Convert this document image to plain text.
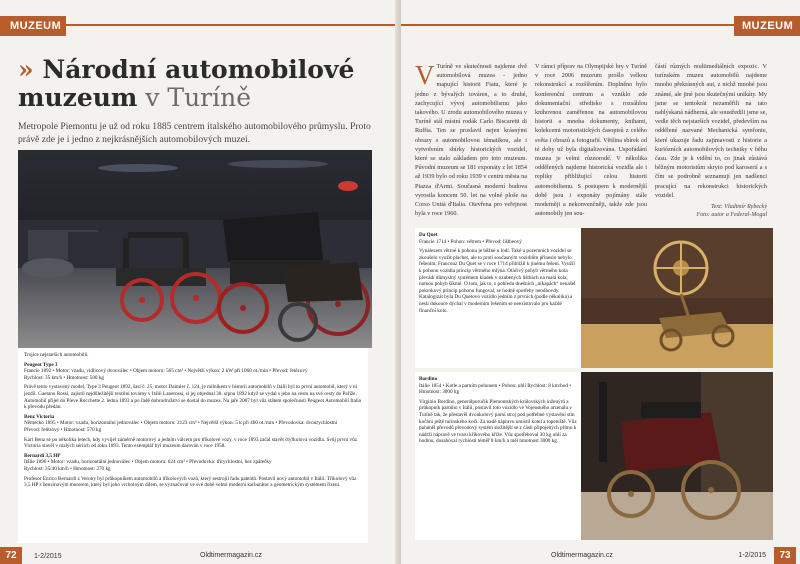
MUZEUM
» Národní automobilové muzeum v Turíně

Metropole Piemontu je už od roku 1885 centrem italského automobilového průmyslu. Proto právě zde je i jedno z nejkrásnějších automobilových muzeí.

Trojice nejstarších automobilů.

Peugeot Type 3
Francie 1892 • Motor: vzadu, vidlicový dvouválec • Objem motoru: 565 cm³ • Největší výkon: 2 kW při 1060 ot./min • Převod: řetězový
Rychlost: 35 km/h • Hmotnost: 500 kg

Právě tento vystavený model, Type 3 Peugeot 1892, šasi č. 25, motor Daimler č. 124, je milníkem v historii automobilů v Itálii byl to první automobil, který v ní jezdil. Gaetano Rossi, zajistil nejdůležitější textilní továrny v Itálii Lanerossi, si jej objednal 30. srpna 1892 když se vydal s jeho na cestu na své cesty do Paříže. Automobil přijel do Pieve Rocchette 2. ledna 1893 a po řadě dobrodružství se dostal do muzea. Na jaře 2007 byl vůz státem společnosti Peugeot Automobili Italia k převodu předán.

Benz Victoria
Německo 1895 • Motor: vzadu, horizontální jednoválec • Objem motoru: 2123 cm³ • Největší výkon: 5 k při 400 ot./min • Převodovka: dvourychlostní
Převod: řetězový • Hmotnost: 570 kg

Karl Benz se po několika letech, kdy vyvíjel záměrně motorový a jedním válcem pro tříkolové vozy, v roce 1893 začal stavět čtyřkolová vozidla. Svůj první vůz Victoria stavěl v malých sériích od roku 1893. Tento exemplář byl muzeum darován v roce 1958.

Bernardi 3,5 HP
Itálie 1896 • Motor: vzadu, horizontální jednoválec • Objem motoru: 624 cm³ • Převodovka: třírychlostní, bez zpátečky
Rychlost: 35/40 km/h • Hmotnost: 270 kg

Profesor Enrico Bernardi z Verony byl průkopníkem automobilů a tříkolových vozů, který sestrojil řadu patentů. Postavil nový automobil v Itálii. Tříkolový vůz 3,5 HP s benzínovým motorem, který byl jeho vrcholným dílem, se vyznačoval ve své době velmi moderní karburátor a geometrickým systémem řízení.

72 1-2/2015	Oldtimermagazin.cz
MUZEUM
V Turíně ve skutečnosti najdeme dvě automobilová muzea - jedno mapující historii Fiatu, které je jedno z bývalých továren, a to druhé, zachycující vývoj automobilismu jako takového. U zrodu automobilového muzea v Turíně stál místní rodák Carlo Biscaretti di Ruffia. Ten se proslavil nejen krásnými obrazy s automobilovou tématikou, ale i vytvořením sbírky historických vozidel, které se stalo základem pro toto muzeum. Původní muzeum se 181 exponáty z let 1854 až 1939 bylo od roku 1939 v centru města na Piazza d'Armi. Současná moderní budova vyrostla koncem 50. let na volné ploše na Corso Unità d'Italia. Otevřena pro veřejnost byla v roce 1960.
V rámci příprav na Olympijské hry v Turíně v roce 2006 muzeum prošlo velkou rekonstrukcí a rozšířením. Doplněno bylo konferenční centrum a vzniklo zde dokumentační středisko s rozsáhlou knihovnou zaměřenou na automobilovou historii a mnoha dokumenty, knihami, kolekcemi motoristických časopisů z celého světa i obrazů a fotografií. Většina sbírek od té doby už byla digitalizována. Uspořádání muzea je velmi různorodé. V několika oddělených najdeme historická vozidla ale i repliky přibližující celou historii automobilismu. S postupem k modernější době jsou i exponáty pojímány stále moderněji a nekonvenčněji, takže zde jsou automobily jen sou-
částí různých multimediálních expozic. V turínském muzeu automobilů najdeme mnoho překrásných aut, z nichž mnohé jsou známé, ale jiné jsou skutečnými unikáty. My jsme se tentokrát nezaměřili na tato nablýskaná nádherná, ale soustředili jsme se, vedle těch nejstarších vozidel, především na oddělené nazvané Mechanická symfonie, které ukazuje řadu zajímavostí z historie a kuriózních automobilových techniky v běhu času. Zde je k vidění to, co jinak zůstává běžným motoristům skryto pod karoserií a s čím se podrobně seznamují jen nadšenci pracující na rekonstrukci historických vozidel.
Text: Vladimír Rybecký
Foto: autor a Federal-Mogul

Da Quet
Francie 1714 • Pohon: větrem • Převod: lištbeový

Vynálezem větrné k pohonu je běžné u lodí. Také u pozemních vozidel se zkoušelo využít plachet, ale to proti současným vozidlům přineslo nebylo řešením. Francouz Du Quet se v roce 1714 přiblížil k jinému řešení. Využil k pohonu vozidla princip větrného mlýna. Otáčivý pohyb větrného kola převádí důmyslný systémem kladek v ozubených lištbách na malá kola, nutnou pohyb šikmé. O tom, jak to, z pohledu dnešních „nikapách“ nenašel pokrokový princip pohonu fungoval, se hodně spotřeby neodhovdy. Katalogizát byla Du Quetovo vozidlo jedním z prvních (podle několika) a nesli dokonce dýchal v moderním řešením se neexistovalo pro každé finanční kolo.

Bordino
Itálie 1854 • Kotle a parním pohonem • Pohon: uhlí Rychlost: 8 km/hod • Hmotnost: 3000 kg

Virginio Bordino, generálporučík Piemontských královských inženýrů a průkopník parního v Itálii, postavil toto vozidlo ve Vojenského arzenálu v Turíně tak, že přestavěl dvoukolový parní stroj pod potřebné vystavění stin kočáru ještě turínského kočí. Za nadě nápravu umístil kotel a topeniště. Vůz poháněl převodů převodový systém složitější se z části připojených přímo k nádrži nápravě ve tvaru kříkového kříže. Vůz spotřeboval 30 kg uhlí za hodinu, dosahoval rychlosti téměř 8 km/h a měl hmotnost 3000 kg.

Oldtimermagazin.cz	1-2/2015	73
